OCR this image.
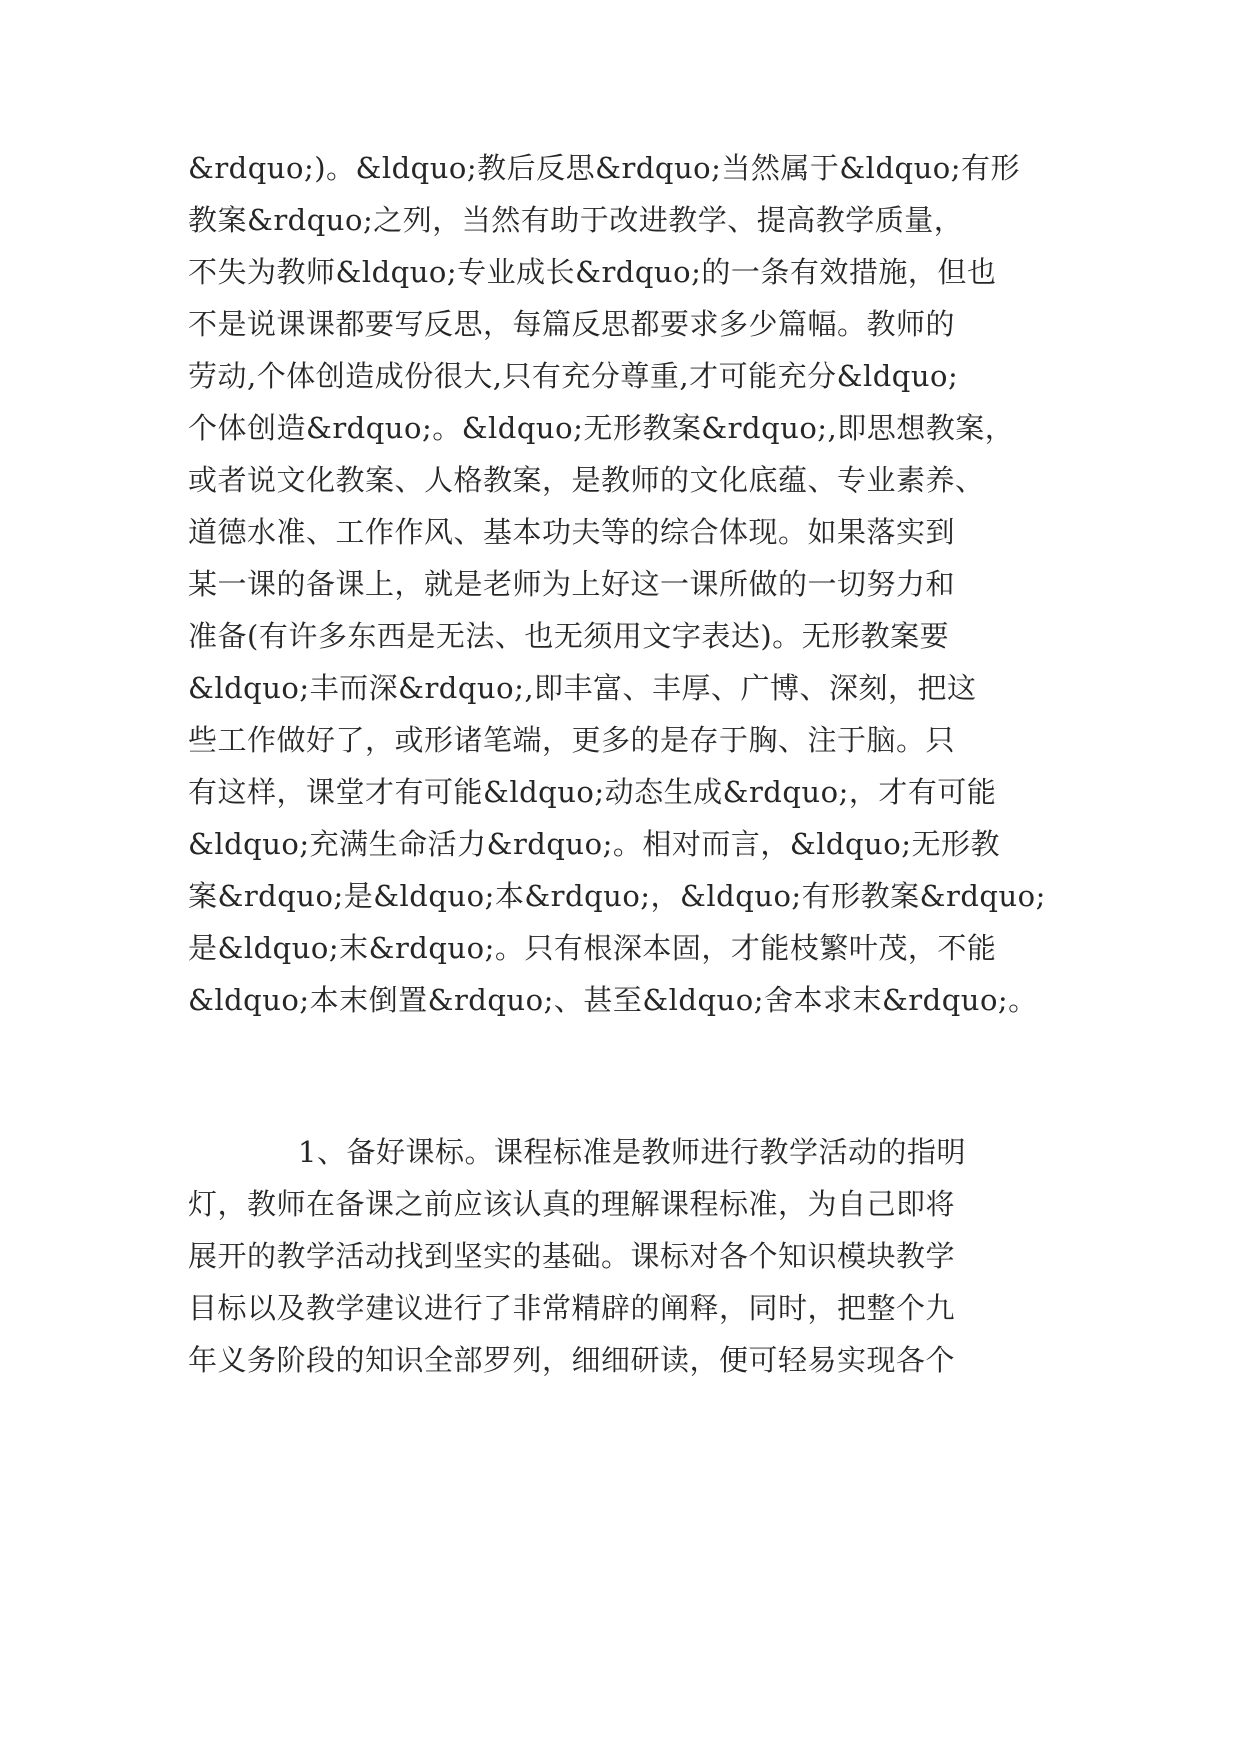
&rdquo;)。&ldquo;教后反思&rdquo;当然属于&ldquo;有形
教案&rdquo;之列，当然有助于改进教学、提高教学质量，
不失为教师&ldquo;专业成长&rdquo;的一条有效措施，但也
不是说课课都要写反思，每篇反思都要求多少篇幅。教师的
劳动,个体创造成份很大,只有充分尊重,才可能充分&ldquo;
个体创造&rdquo;。&ldquo;无形教案&rdquo;,即思想教案，
或者说文化教案、人格教案，是教师的文化底蕴、专业素养、
道德水准、工作作风、基本功夫等的综合体现。如果落实到
某一课的备课上，就是老师为上好这一课所做的一切努力和
准备(有许多东西是无法、也无须用文字表达)。无形教案要
&ldquo;丰而深&rdquo;,即丰富、丰厚、广博、深刻，把这
些工作做好了，或形诸笔端，更多的是存于胸、注于脑。只
有这样，课堂才有可能&ldquo;动态生成&rdquo;，才有可能
&ldquo;充满生命活力&rdquo;。相对而言，&ldquo;无形教
案&rdquo;是&ldquo;本&rdquo;，&ldquo;有形教案&rdquo;
是&ldquo;末&rdquo;。只有根深本固，才能枝繁叶茂，不能
&ldquo;本末倒置&rdquo;、甚至&ldquo;舍本求末&rdquo;。
1、备好课标。课程标准是教师进行教学活动的指明
灯，教师在备课之前应该认真的理解课程标准，为自己即将
展开的教学活动找到坚实的基础。课标对各个知识模块教学
目标以及教学建议进行了非常精辟的阐释，同时，把整个九
年义务阶段的知识全部罗列，细细研读，便可轻易实现各个
